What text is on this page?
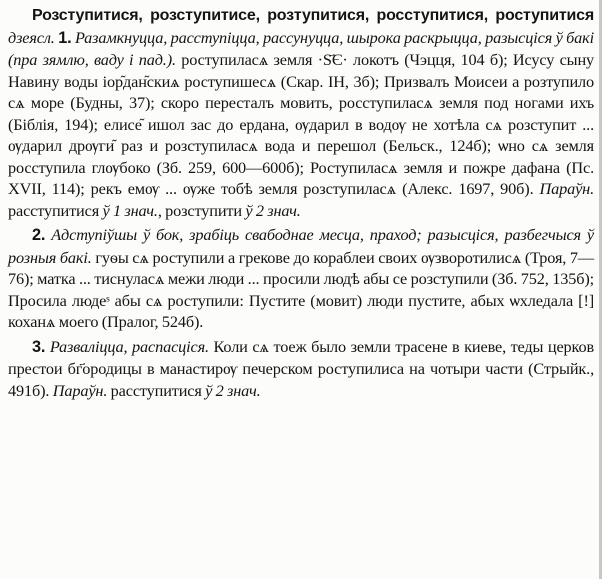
Розступитися, розступитисе, розтупитися, росступитися, роступитися дзеясл. 1. Разамкнуцца, расступіцца, рассунуцца, шырока раскрыцца, разысціся ў бакі (пра зямлю, ваду і пад.). роступиласѧ земля ·Ѕ҃Є· локотъ (Чэцця, 104 б); Исусу сыну Навину воды іор᷉дан᷉скиѧ роступишесѧ (Скар. ІН, 3б); Призвалъ Моисеи а розтупило сѧ море (Будны, 37); скоро пересталъ мовить, росступиласѧ земля под ногами ихъ (Біблія, 194); елисе᷉ ишол зас до ердана, ѹдарил в водѹ не хотѣла сѧ розступит ... ѹдарил дрѹги᷉ раз и розступиласѧ вода и перешол (Бельск., 124б); ѡно сѧ земля росступила глѹбоко (Зб. 259, 600—600б); Роступиласѧ земля и пожре дафана (Пс. XVII, 114); рекъ емѹ ... ѹже тобѣ земля розступиласѧ (Алекс. 1697, 90б). Параўн. расступитися ў 1 знач., розступити ў 2 знач.

2. Адступіўшы ў бок, зрабіць свабоднае месца, праход; разысціся, разбегчыся ў розныя бакі. гуѳы сѧ роступили а грекове до кораблеи своих ѹзворотилисѧ (Троя, 7—76); матка ... тиснуласѧ межи люди ... просили людѣ абы се розступили (Зб. 752, 135б); Просила людеˢ абы сѧ роступили: Пустите (мовит) люди пустите, абых ѡхледала [!] коханѧ моего (Пралог, 524б).

3. Разваліцца, распасціся. Коли сѧ тоеж было земли трасене в киеве, теды церков престои бг҃ородицы в манастирѹ печерском роступилиса на чотыри части (Стрыйк., 491б). Параўн. расступитися ў 2 знач.
